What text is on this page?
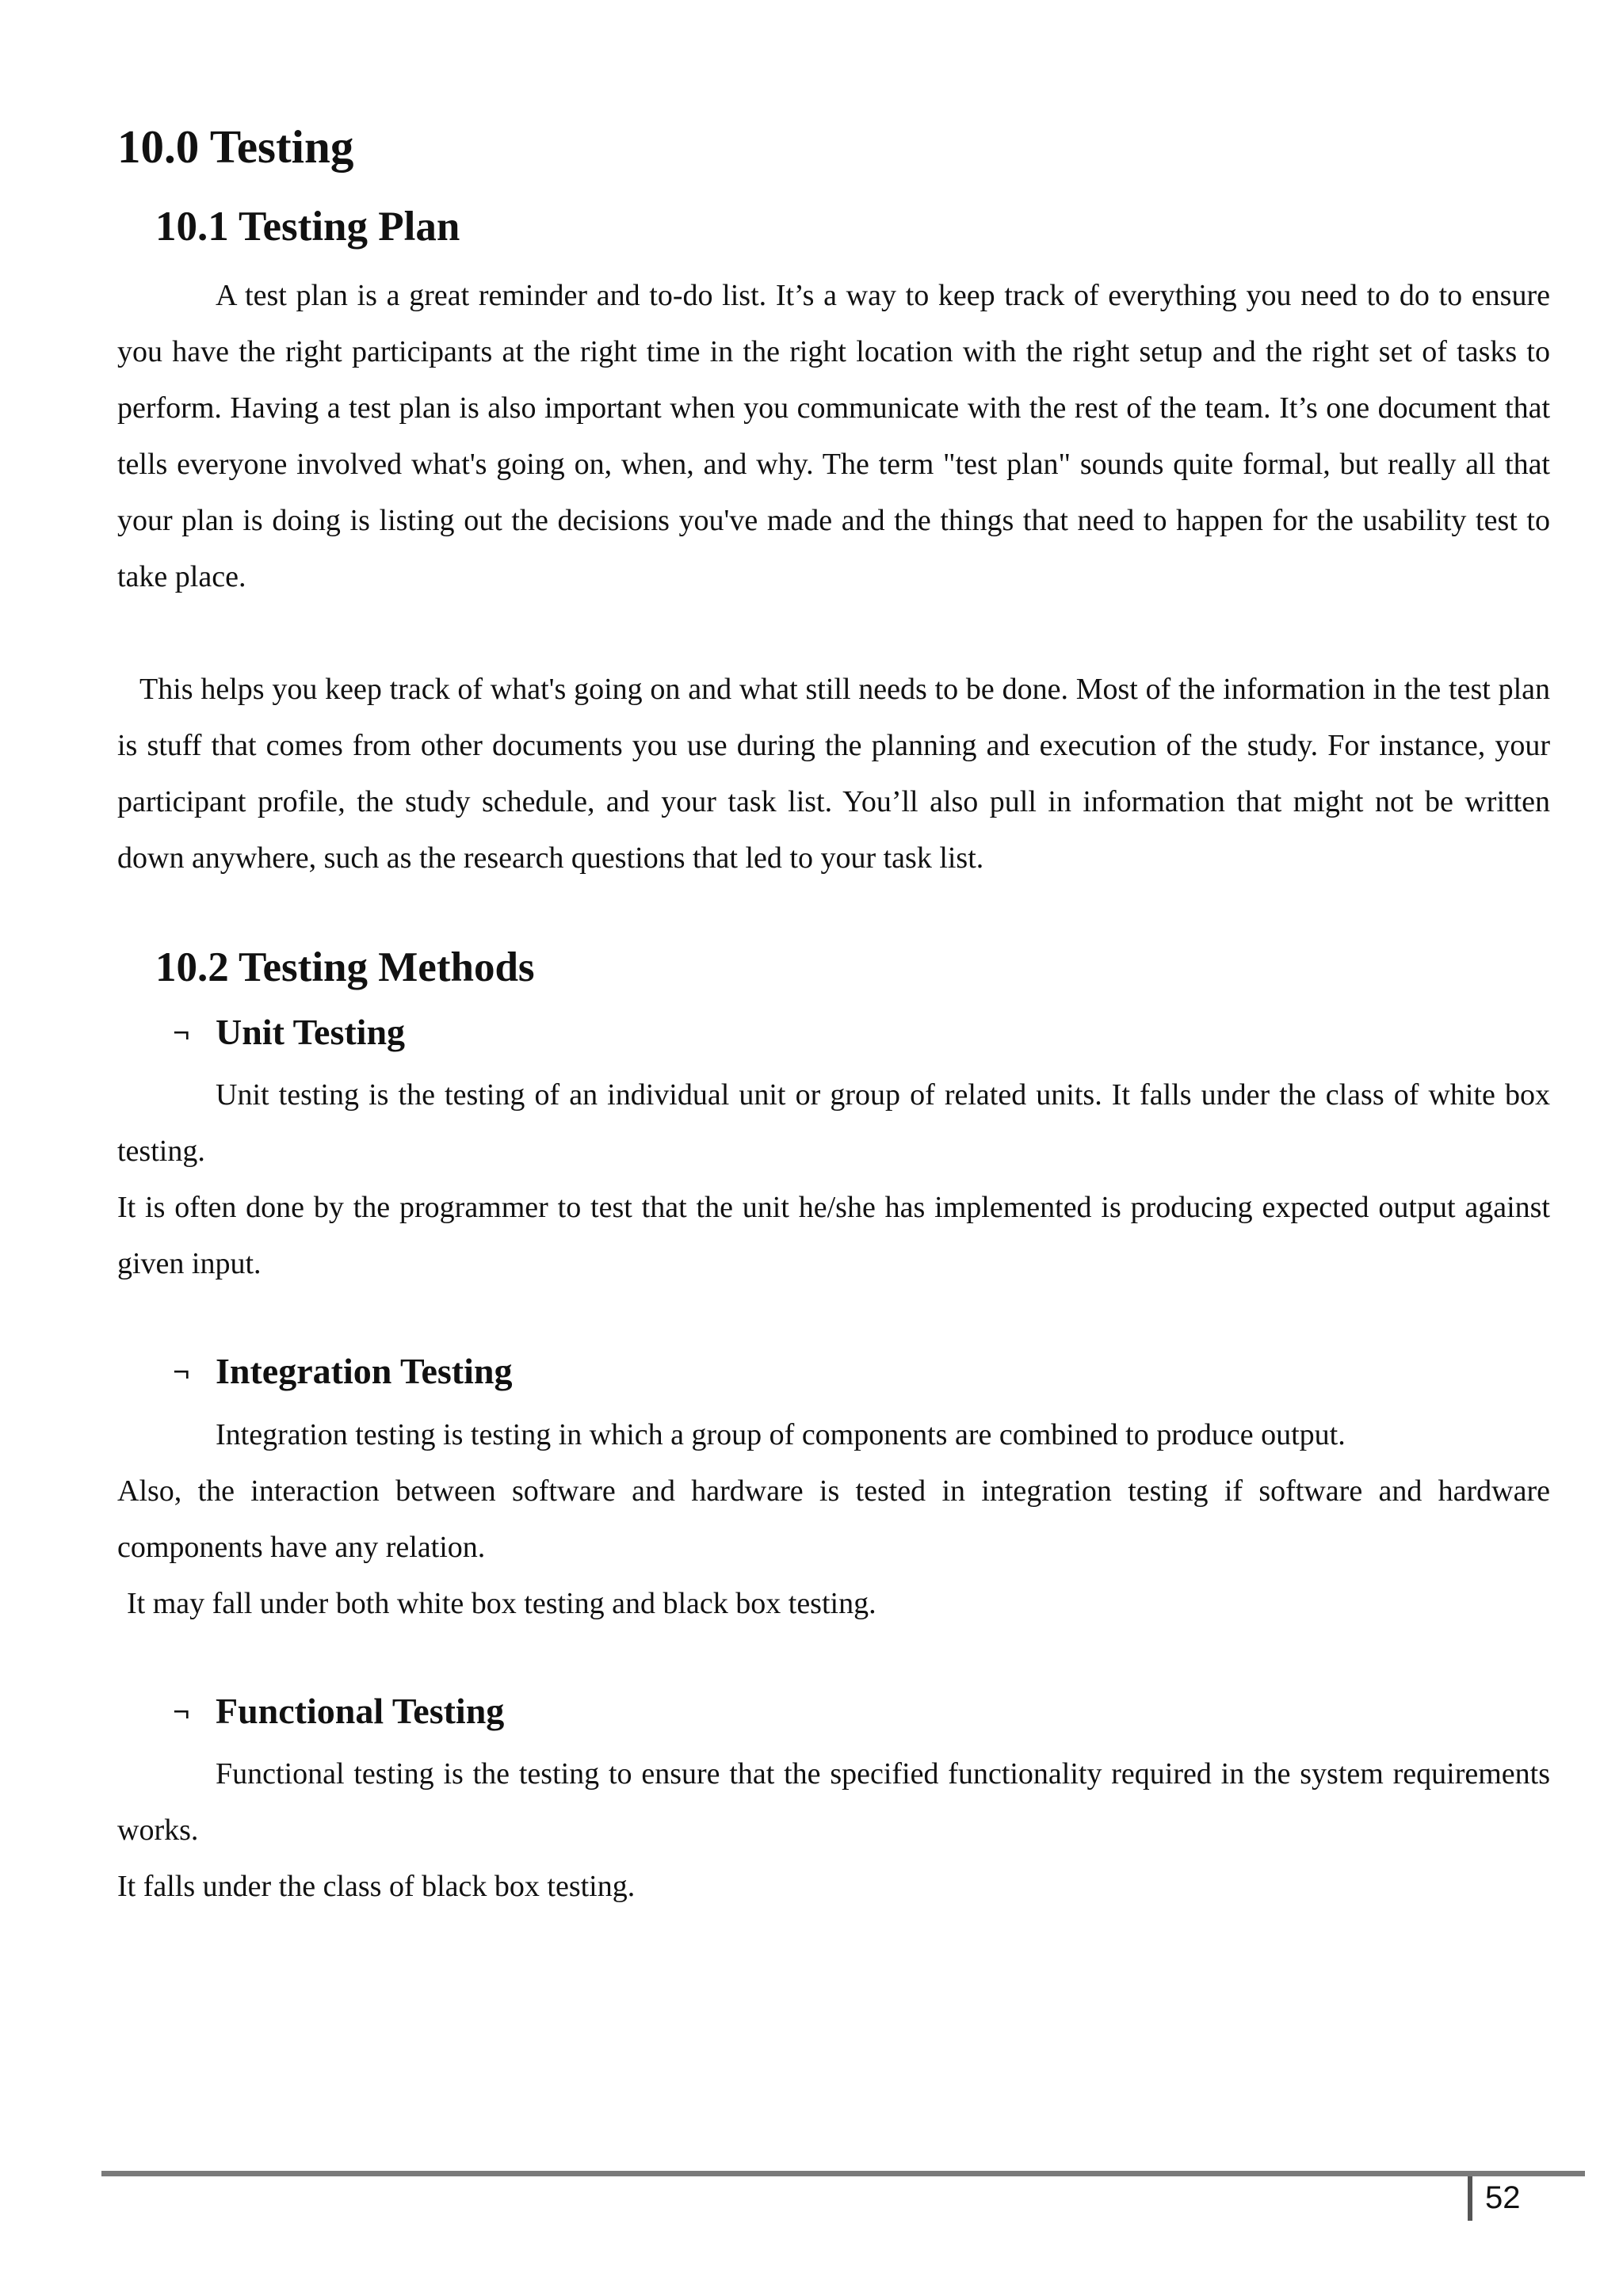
10.0 Testing
10.1 Testing Plan

A test plan is a great reminder and to-do list. It’s a way to keep track of everything you need to do to ensure you have the right participants at the right time in the right location with the right setup and the right set of tasks to perform. Having a test plan is also important when you communicate with the rest of the team. It’s one document that tells everyone involved what's going on, when, and why. The term "test plan" sounds quite formal, but really all that your plan is doing is listing out the decisions you've made and the things that need to happen for the usability test to take place.

This helps you keep track of what's going on and what still needs to be done. Most of the information in the test plan is stuff that comes from other documents you use during the planning and execution of the study. For instance, your participant profile, the study schedule, and your task list. You’ll also pull in information that might not be written down anywhere, such as the research questions that led to your task list.

10.2 Testing Methods
¬ Unit Testing

Unit testing is the testing of an individual unit or group of related units. It falls under the class of white box testing.

It is often done by the programmer to test that the unit he/she has implemented is producing expected output against given input.

¬ Integration Testing

Integration testing is testing in which a group of components are combined to produce output.

Also, the interaction between software and hardware is tested in integration testing if software and hardware components have any relation.

It may fall under both white box testing and black box testing.

¬ Functional Testing

Functional testing is the testing to ensure that the specified functionality required in the system requirements works.

It falls under the class of black box testing.

52
